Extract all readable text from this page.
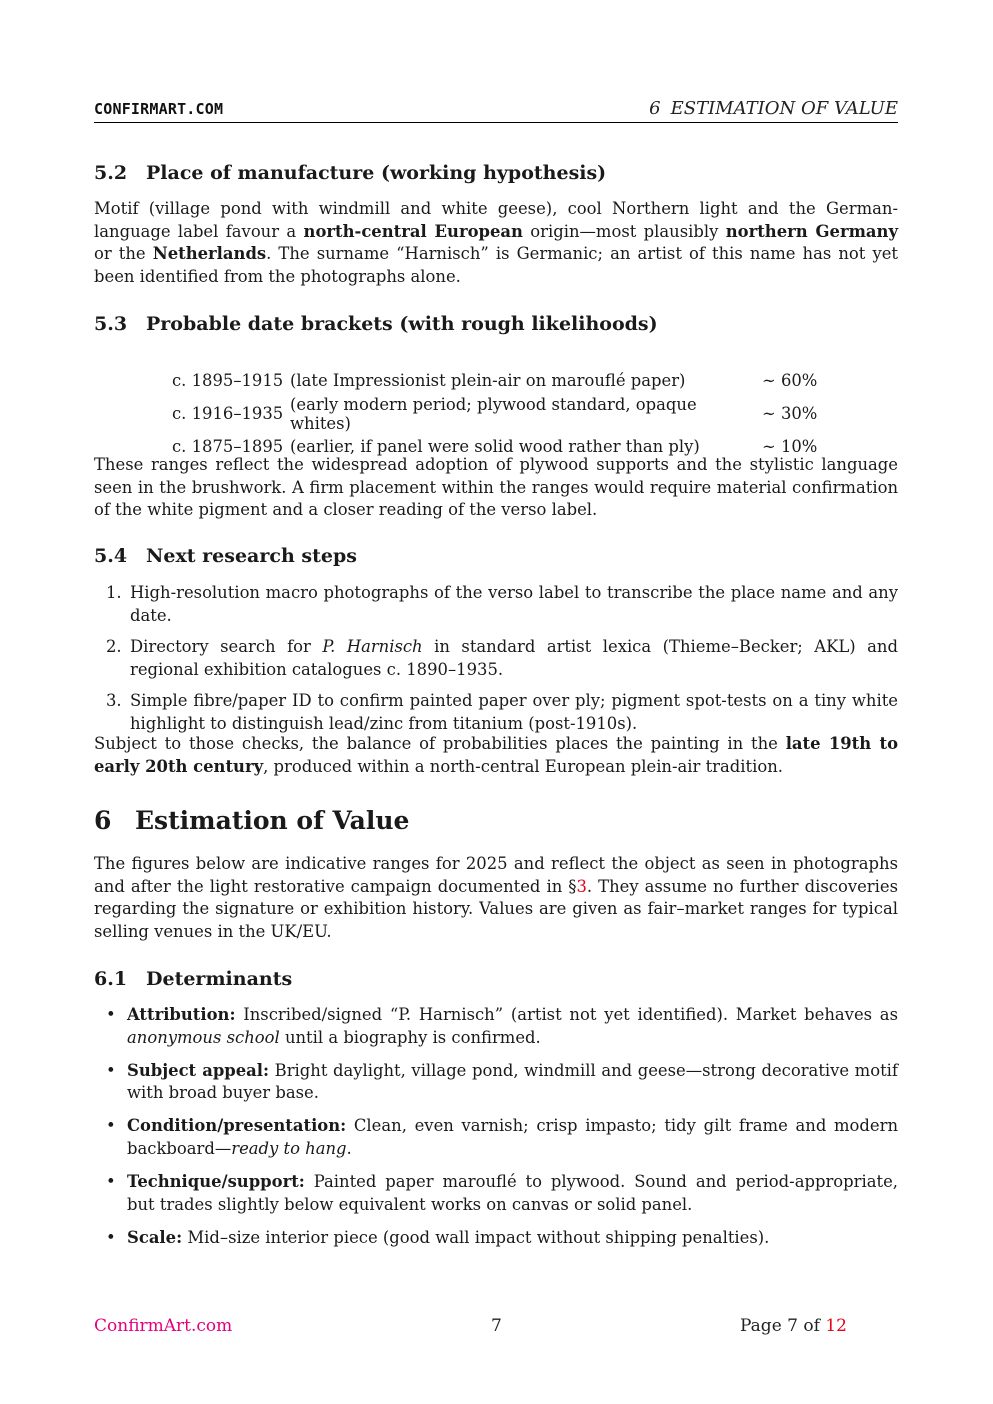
CONFIRMART.COM	6 ESTIMATION OF VALUE
5.2 Place of manufacture (working hypothesis)

Motif (village pond with windmill and white geese), cool Northern light and the German-language label favour a north-central European origin—most plausibly northern Germany or the Netherlands. The surname “Harnisch” is Germanic; an artist of this name has not yet been identified from the photographs alone.

5.3 Probable date brackets (with rough likelihoods)
c. 1895–1915	(late Impressionist plein-air on marouflé paper)	∼ 60%
c. 1916–1935	(early modern period; plywood standard, opaque whites)	∼ 30%
c. 1875–1895	(earlier, if panel were solid wood rather than ply)	∼ 10%

These ranges reflect the widespread adoption of plywood supports and the stylistic language seen in the brushwork. A firm placement within the ranges would require material confirmation of the white pigment and a closer reading of the verso label.

5.4 Next research steps
1. High-resolution macro photographs of the verso label to transcribe the place name and any date.
2. Directory search for P. Harnisch in standard artist lexica (Thieme–Becker; AKL) and regional exhibition catalogues c. 1890–1935.
3. Simple fibre/paper ID to confirm painted paper over ply; pigment spot-tests on a tiny white highlight to distinguish lead/zinc from titanium (post-1910s).

Subject to those checks, the balance of probabilities places the painting in the late 19th to early 20th century, produced within a north-central European plein-air tradition.

6 Estimation of Value

The figures below are indicative ranges for 2025 and reflect the object as seen in photographs and after the light restorative campaign documented in §3. They assume no further discoveries regarding the signature or exhibition history. Values are given as fair–market ranges for typical selling venues in the UK/EU.

6.1 Determinants
• Attribution: Inscribed/signed “P. Harnisch” (artist not yet identified). Market behaves as anonymous school until a biography is confirmed.
• Subject appeal: Bright daylight, village pond, windmill and geese—strong decorative motif with broad buyer base.
• Condition/presentation: Clean, even varnish; crisp impasto; tidy gilt frame and modern backboard—ready to hang.
• Technique/support: Painted paper marouflé to plywood. Sound and period-appropriate, but trades slightly below equivalent works on canvas or solid panel.
• Scale: Mid–size interior piece (good wall impact without shipping penalties).
ConfirmArt.com	7	Page 7 of 12
